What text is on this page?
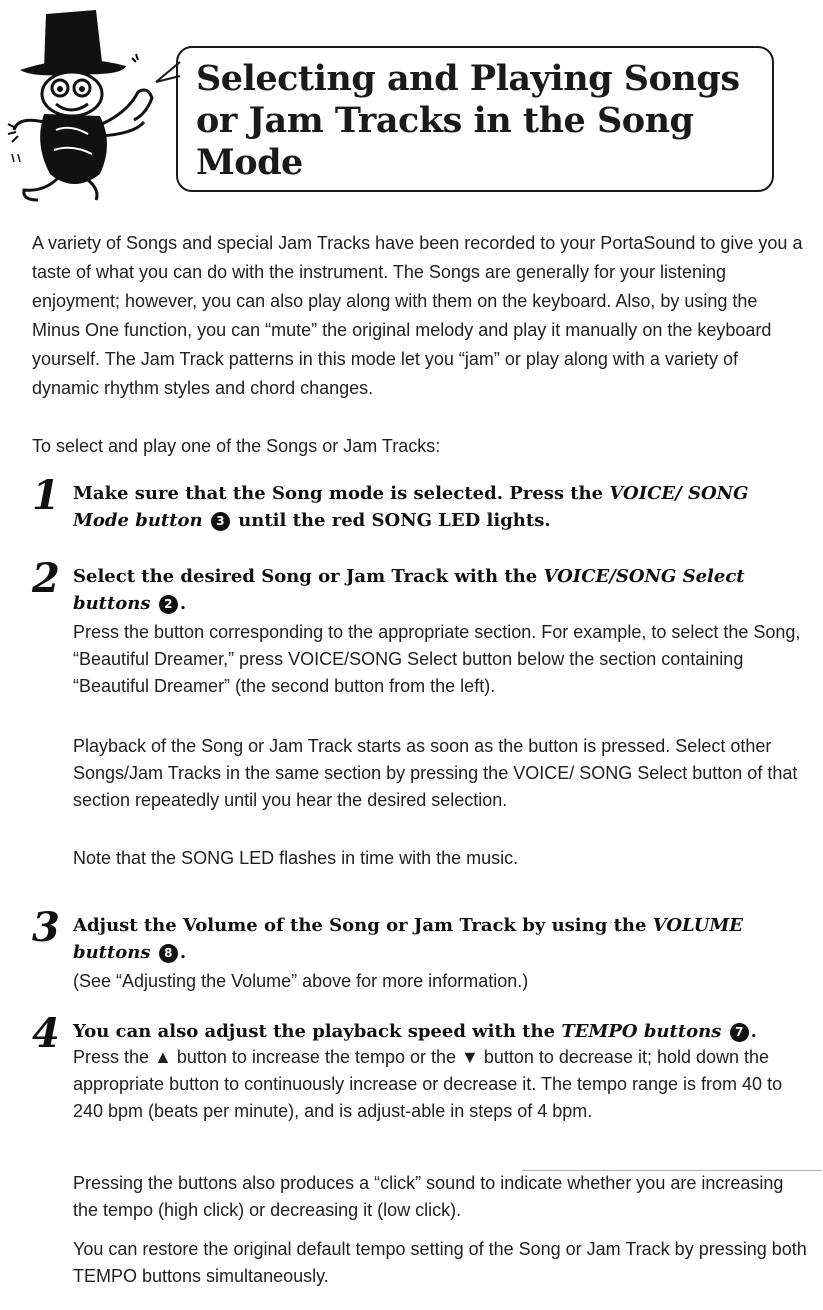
Selecting and Playing Songs or Jam Tracks in the Song Mode

A variety of Songs and special Jam Tracks have been recorded to your PortaSound to give you a taste of what you can do with the instrument. The Songs are generally for your listening enjoyment; however, you can also play along with them on the keyboard. Also, by using the Minus One function, you can “mute” the original melody and play it manually on the keyboard yourself. The Jam Track patterns in this mode let you “jam” or play along with a variety of dynamic rhythm styles and chord changes.

To select and play one of the Songs or Jam Tracks:

1 Make sure that the Song mode is selected. Press the VOICE/ SONG Mode button 3 until the red SONG LED lights.

2 Select the desired Song or Jam Track with the VOICE/SONG Select buttons 2 .

Press the button corresponding to the appropriate section. For example, to select the Song, “Beautiful Dreamer,” press VOICE/SONG Select button below the section containing “Beautiful Dreamer” (the second button from the left).

Playback of the Song or Jam Track starts as soon as the button is pressed. Select other Songs/Jam Tracks in the same section by pressing the VOICE/ SONG Select button of that section repeatedly until you hear the desired selection.

Note that the SONG LED flashes in time with the music.

3 Adjust the Volume of the Song or Jam Track by using the VOLUME buttons 8 .

(See “Adjusting the Volume” above for more information.)

4 You can also adjust the playback speed with the TEMPO buttons 7 .

Press the ▲ button to increase the tempo or the ▼ button to decrease it; hold down the appropriate button to continuously increase or decrease it. The tempo range is from 40 to 240 bpm (beats per minute), and is adjust-able in steps of 4 bpm.

Pressing the buttons also produces a “click” sound to indicate whether you are increasing the tempo (high click) or decreasing it (low click).

You can restore the original default tempo setting of the Song or Jam Track by pressing both TEMPO buttons simultaneously.
